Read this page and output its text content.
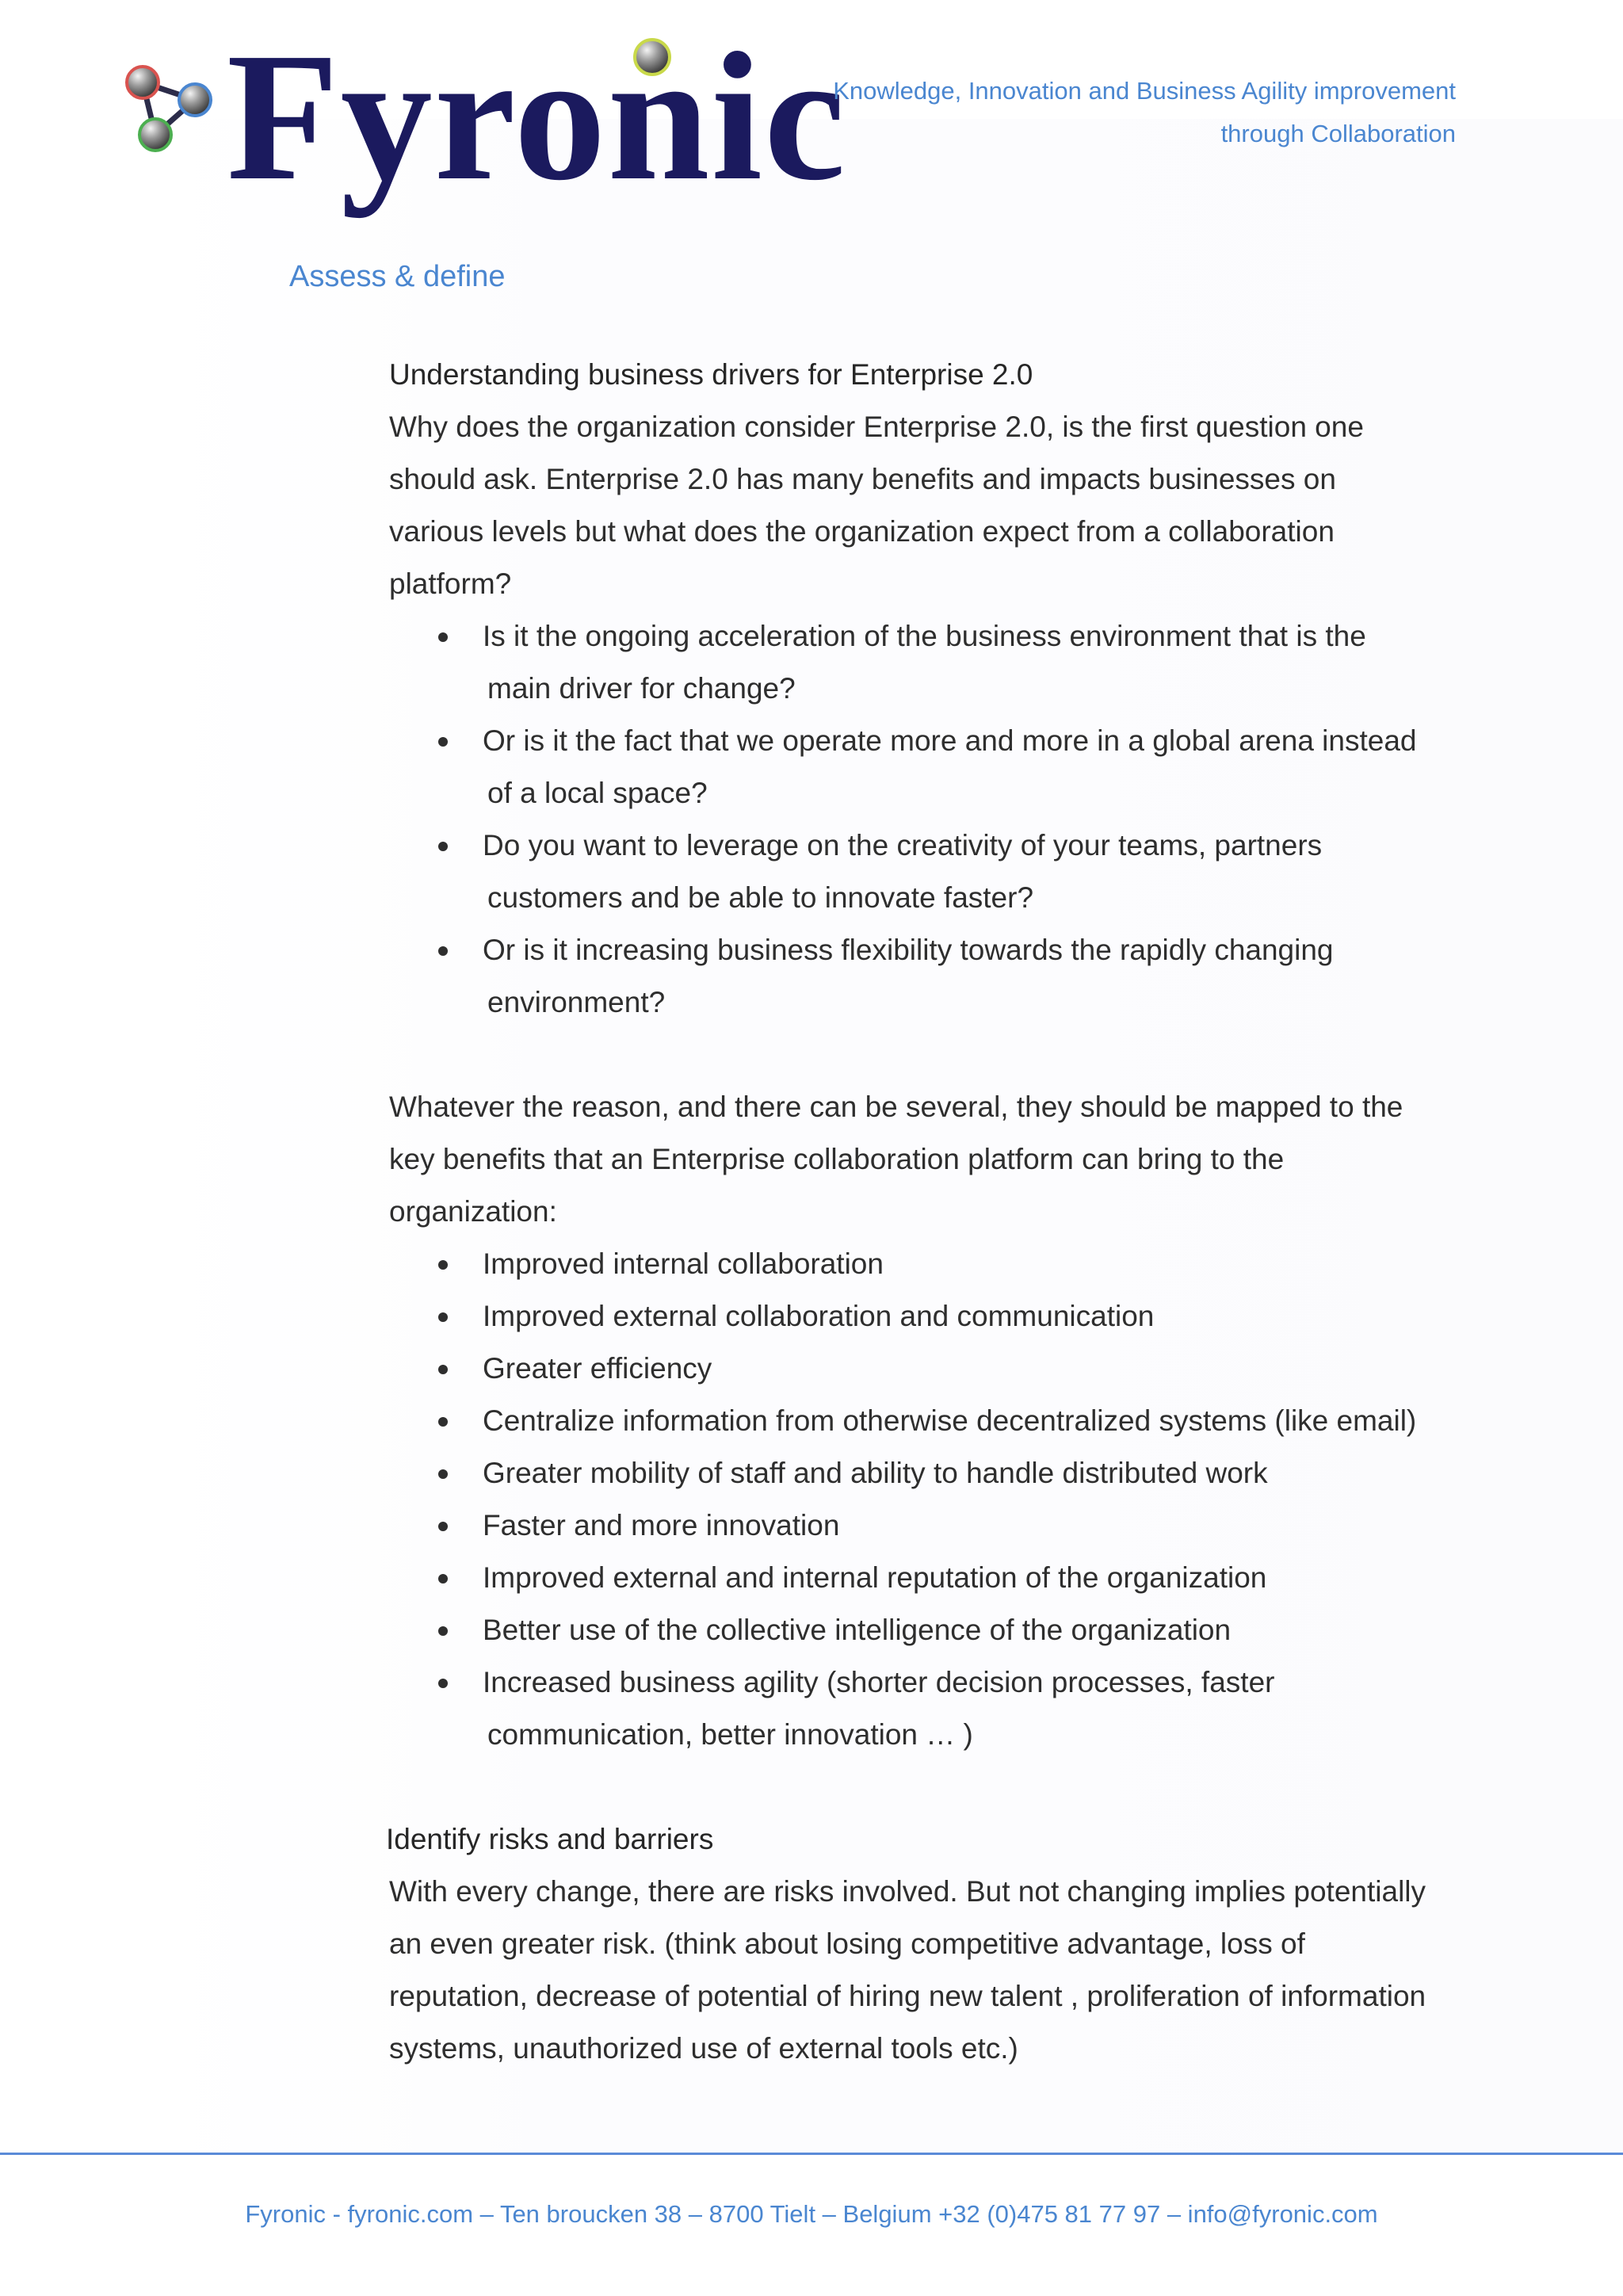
Fyronic
Knowledge, Innovation and Business Agility improvement
through Collaboration
Assess & define

Understanding business drivers for Enterprise 2.0

Why does the organization consider Enterprise 2.0, is the first question one
should ask. Enterprise 2.0 has many benefits and impacts businesses on
various levels but what does the organization expect from a collaboration
platform?

Is it the ongoing acceleration of the business environment that is the
main driver for change?
Or is it the fact that we operate more and more in a global arena instead
of a local space?
Do you want to leverage on the creativity of your teams, partners
customers and be able to innovate faster?
Or is it increasing business flexibility towards the rapidly changing
environment?

Whatever the reason, and there can be several, they should be mapped to the
key benefits that an Enterprise collaboration platform can bring to the
organization:

Improved internal collaboration
Improved external collaboration and communication
Greater efficiency
Centralize information from otherwise decentralized systems (like email)
Greater mobility of staff and ability to handle distributed work
Faster and more innovation
Improved external and internal reputation of the organization
Better use of the collective intelligence of the organization
Increased business agility (shorter decision processes, faster
communication, better innovation … )

Identify risks and barriers

With every change, there are risks involved. But not changing implies potentially
an even greater risk. (think about losing competitive advantage, loss of
reputation, decrease of potential of hiring new talent , proliferation of information
systems, unauthorized use of external tools etc.)

Fyronic - fyronic.com – Ten broucken 38 – 8700 Tielt – Belgium +32 (0)475 81 77 97 – info@fyronic.com
